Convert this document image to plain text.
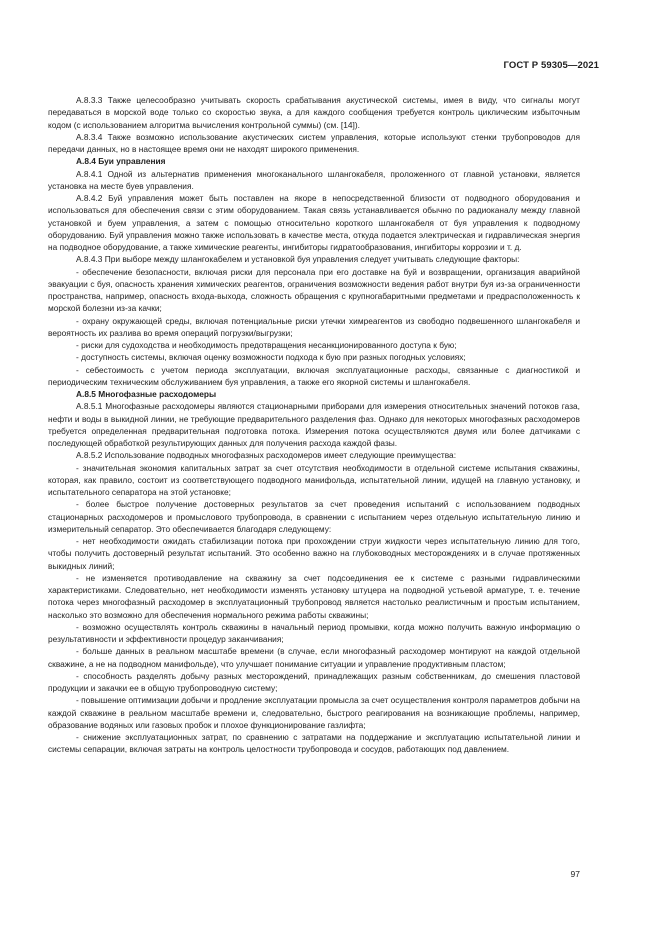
ГОСТ Р 59305—2021

А.8.3.3 Также целесообразно учитывать скорость срабатывания акустической системы, имея в виду, что сигналы могут передаваться в морской воде только со скоростью звука, а для каждого сообщения требуется контроль циклическим избыточным кодом (с использованием алгоритма вычисления контрольной суммы) (см. [14]).

А.8.3.4 Также возможно использование акустических систем управления, которые используют стенки трубопроводов для передачи данных, но в настоящее время они не находят широкого применения.

А.8.4 Буи управления

А.8.4.1 Одной из альтернатив применения многоканального шлангокабеля, проложенного от главной установки, является установка на месте буев управления.

А.8.4.2 Буй управления может быть поставлен на якоре в непосредственной близости от подводного оборудования и использоваться для обеспечения связи с этим оборудованием. Такая связь устанавливается обычно по радиоканалу между главной установкой и буем управления, а затем с помощью относительно короткого шлангокабеля от буя управления к подводному оборудованию. Буй управления можно также использовать в качестве места, откуда подается электрическая и гидравлическая энергия на подводное оборудование, а также химические реагенты, ингибиторы гидратообразования, ингибиторы коррозии и т. д.

А.8.4.3 При выборе между шлангокабелем и установкой буя управления следует учитывать следующие факторы:

- обеспечение безопасности, включая риски для персонала при его доставке на буй и возвращении, организация аварийной эвакуации с буя, опасность хранения химических реагентов, ограничения возможности ведения работ внутри буя из-за ограниченности пространства, например, опасность входа-выхода, сложность обращения с крупногабаритными предметами и предрасположенность к морской болезни из-за качки;

- охрану окружающей среды, включая потенциальные риски утечки химреагентов из свободно подвешенного шлангокабеля и вероятность их разлива во время операций погрузки/выгрузки;

- риски для судоходства и необходимость предотвращения несанкционированного доступа к бую;

- доступность системы, включая оценку возможности подхода к бую при разных погодных условиях;

- себестоимость с учетом периода эксплуатации, включая эксплуатационные расходы, связанные с диагностикой и периодическим техническим обслуживанием буя управления, а также его якорной системы и шлангокабеля.

А.8.5 Многофазные расходомеры

А.8.5.1 Многофазные расходомеры являются стационарными приборами для измерения относительных значений потоков газа, нефти и воды в выкидной линии, не требующие предварительного разделения фаз. Однако для некоторых многофазных расходомеров требуется определенная предварительная подготовка потока. Измерения потока осуществляются двумя или более датчиками с последующей обработкой результирующих данных для получения расхода каждой фазы.

А.8.5.2 Использование подводных многофазных расходомеров имеет следующие преимущества:

- значительная экономия капитальных затрат за счет отсутствия необходимости в отдельной системе испытания скважины, которая, как правило, состоит из соответствующего подводного манифольда, испытательной линии, идущей на главную установку, и испытательного сепаратора на этой установке;

- более быстрое получение достоверных результатов за счет проведения испытаний с использованием подводных стационарных расходомеров и промыслового трубопровода, в сравнении с испытанием через отдельную испытательную линию и измерительный сепаратор. Это обеспечивается благодаря следующему:

- нет необходимости ожидать стабилизации потока при прохождении струи жидкости через испытательную линию для того, чтобы получить достоверный результат испытаний. Это особенно важно на глубоководных месторождениях и в случае протяженных выкидных линий;

- не изменяется противодавление на скважину за счет подсоединения ее к системе с разными гидравлическими характеристиками. Следовательно, нет необходимости изменять установку штуцера на подводной устьевой арматуре, т. е. течение потока через многофазный расходомер в эксплуатационный трубопровод является настолько реалистичным и простым испытанием, насколько это возможно для обеспечения нормального режима работы скважины;

- возможно осуществлять контроль скважины в начальный период промывки, когда можно получить важную информацию о результативности и эффективности процедур заканчивания;

- больше данных в реальном масштабе времени (в случае, если многофазный расходомер монтируют на каждой отдельной скважине, а не на подводном манифольде), что улучшает понимание ситуации и управление продуктивным пластом;

- способность разделять добычу разных месторождений, принадлежащих разным собственникам, до смешения пластовой продукции и закачки ее в общую трубопроводную систему;

- повышение оптимизации добычи и продление эксплуатации промысла за счет осуществления контроля параметров добычи на каждой скважине в реальном масштабе времени и, следовательно, быстрого реагирования на возникающие проблемы, например, образование водяных или газовых пробок и плохое функционирование газлифта;

- снижение эксплуатационных затрат, по сравнению с затратами на поддержание и эксплуатацию испытательной линии и системы сепарации, включая затраты на контроль целостности трубопровода и сосудов, работающих под давлением.

97
